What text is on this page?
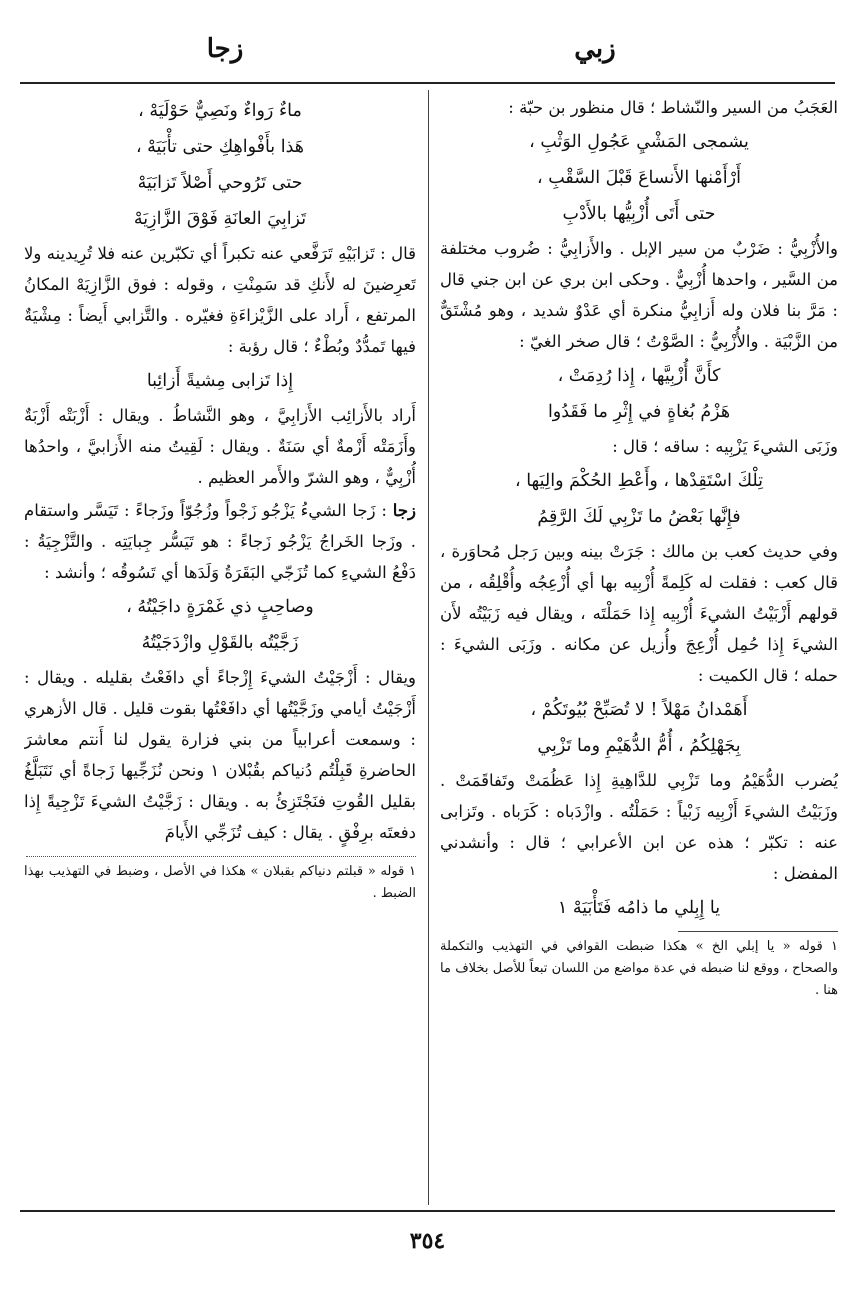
زبي
زجا

العَجَبُ من السير والنّشاط ؛ قال منظور بن حبّة :

يشمجى المَشْيِ عَجُولِ الوَثْبِ ،
أَرْأَمْنها الأَنساعَ قَبْلَ السَّقْبِ ،
حتى أَتَى أُزْبِيُّها بالأَدْبِ

والأُزْبِيُّ : ضَرْبٌ من سير الإبل . والأَزابِيُّ : ضُروب مختلفة من السَّير ، واحدها أُزْبِيٌّ . وحكى ابن بري عن ابن جني قال : مَرَّ بنا فلان وله أَزابِيُّ منكرة أي عَدْوٌ شديد ، وهو مُشْتَقٌّ من الزَّبْيَة . والأُزْبِيُّ : الصَّوْتُ ؛ قال صخر الغيّ :

كأَنَّ أُزْبِيَّها ، إِذا رُدِمَتْ ،
هَزْمُ بُغاةٍ في إِثْرِ ما فَقَدُوا

وزَبَى الشيءَ يَزْبِيه : ساقه ؛ قال :

تِلْكَ اسْتَقِدْها ، وأَعْطِ الحُكْمَ والِيَها ،
فإِنَّها بَعْضُ ما تَزْبِي لَكَ الرَّقِمُ

وفي حديث كعب بن مالك : جَرَتْ بينه وبين رَجل مُحاوَرة ، قال كعب : فقلت له كَلِمةً أُزْبِيه بها أي أُزْعِجُه وأُقْلِقُه ، من قولهم أَزْبَيْتُ الشيءَ أُزْبِيه إِذا حَمَلْتَه ، ويقال فيه زَبَيْتُه لأَن الشيءَ إِذا حُمِل أُزْعِجَ وأُزيل عن مكانه . وزَبَى الشيءَ : حمله ؛ قال الكميت :

أَهَمْدانُ مَهْلاً ! لا تُصَبِّحْ بُيُوتَكُمْ ،
بِجَهْلِكُمُ ، أُمُّ الدُّهَيْمِ وما تَزْبِي

يُضرب الدُّهَيْمُ وما تَزْبِي للدَّاهِيةِ إِذا عَظُمَتْ وتَفاقَمَتْ . وزَبَيْتُ الشيءَ أَزْبِيه زَبْياً : حَمَلْتُه . وازْدَباه : كَرَباه . وتَزابى عنه : تكبّر ؛ هذه عن ابن الأعرابي ؛ قال : وأنشدني المفضل :

يا إِبِلي ما ذامُه فَتَأْبَيَهْ ١

١ قوله « يا إبلي الخ » هكذا ضبطت القوافي في التهذيب والتكملة والصحاح ، ووقع لنا ضبطه في عدة مواضع من اللسان تبعاً للأصل بخلاف ما هنا .

ماءٌ رَواءٌ ونَصِيٌّ حَوْلَيَهْ ،
هَذا بأَفْواهِكِ حتى تأْبَيَهْ ،
حتى تَرُوحي أَصْلاً تَزابَيَهْ
تَزابِيَ العانَةِ فَوْقَ الزَّازِيَهْ

قال : تَزابَيْهِ تَرَفَّعي عنه تكبراً أي تكبّرين عنه فلا تُرِيدينه ولا تَعرِضينَ له لأَنكِ قد سَمِنْتِ ، وقوله : فوق الزَّازِيَهْ المكانُ المرتفع ، أَراد على الزَّيْزاءَةِ فغيّره . والتَّزابي أَيضاً : مِشْيَةٌ فيها تَمدُّدٌ وبُطْءٌ ؛ قال رؤبة :

إِذا تَزابى مِشيةً أَزائِبا

أَراد بالأَزائِب الأَزابِيَّ ، وهو النَّشاطُ . ويقال : أَزْبَتْه أَزْبَةٌ وأَزَمَتْه أَزْمةٌ أي سَنَةٌ . ويقال : لَقِيتُ منه الأَزابيَّ ، واحدُها أُزْبِيٌّ ، وهو الشرّ والأَمر العظيم .

زجا : زَجا الشيءُ يَزْجُو زَجْواً وزُجُوّاً وزَجاءً : تَيَسَّر واستقام . وزَجا الخَراجُ يَزْجُو زَجاءً : هو تَيَسُّر جِبايَتِه . والتَّزْجِيَةُ : دَفْعُ الشيءِ كما تُزَجّي البَقَرَةُ وَلَدَها أي تَسُوقُه ؛ وأنشد :

وصاحِبٍ ذي غَمْرَةٍ داجَيْتُهُ ،
زَجَّيْتُه بالقَوْلِ وازْدَجَيْتُهُ

ويقال : أَزْجَيْتُ الشيءَ إِزْجاءً أي دافَعْتُ بقليله . ويقال : أَزْجَيْتُ أيامي وزَجَّيْتُها أي دافَعْتُها بقوت قليل . قال الأزهري : وسمعت أعرابياً من بني فزارة يقول لنا أَنتم معاشرَ الحاضرةِ قَبِلْتُم دُنياكم بقُبْلان ١ ونحن نُزَجِّيها زَجاةً أي نَتَبَلَّغُ بقليل القُوتِ فنَجْتَزِئُ به . ويقال : زَجَّيْتُ الشيءَ تَزْجِيةً إِذا دفعتَه برِفْقٍ . يقال : كيف تُزَجِّي الأَيامَ

١ قوله « قبلتم دنياكم بقبلان » هكذا في الأصل ، وضبط في التهذيب بهذا الضبط .

٣٥٤
